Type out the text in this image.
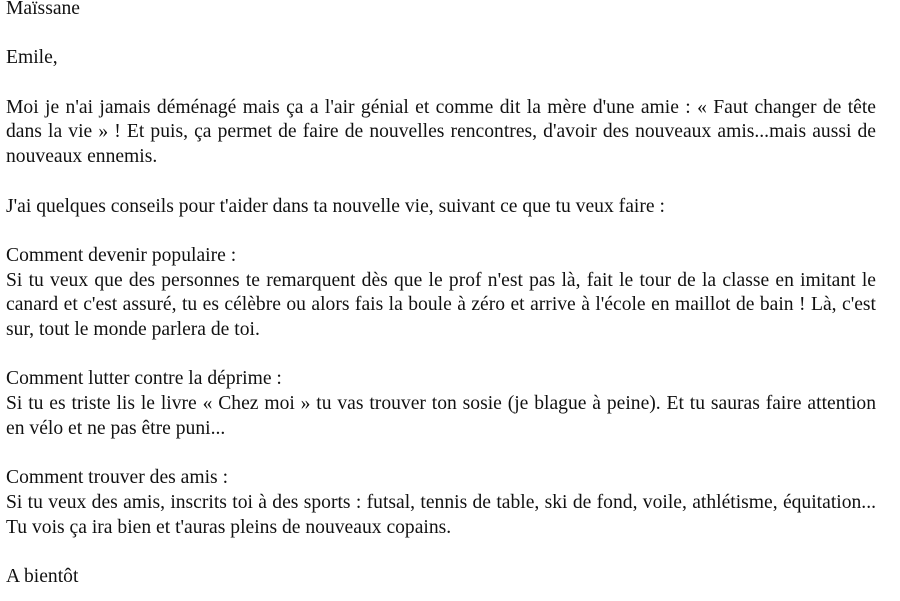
Maïssane

Emile,

Moi je n'ai jamais déménagé mais ça a l'air génial et comme dit la mère d'une amie : « Faut changer de tête dans la vie » ! Et puis, ça permet de faire de nouvelles rencontres, d'avoir des nouveaux amis...mais aussi de nouveaux ennemis.

J'ai quelques conseils pour t'aider dans ta nouvelle vie, suivant ce que tu veux faire :

Comment devenir populaire :
Si tu veux que des personnes te remarquent dès que le prof n'est pas là, fait le tour de la classe en imitant le canard et c'est assuré, tu es célèbre ou alors fais la boule à zéro et arrive à l'école en maillot de bain ! Là, c'est sur, tout le monde parlera de toi.

Comment lutter contre la déprime :
Si tu es triste lis le livre « Chez moi » tu vas trouver ton sosie (je blague à peine). Et tu sauras faire attention en vélo et ne pas être puni...

Comment trouver des amis :
Si tu veux des amis, inscrits toi à des sports : futsal, tennis de table, ski de fond, voile, athlétisme, équitation... Tu vois ça ira bien et t'auras pleins de nouveaux copains.

A bientôt
